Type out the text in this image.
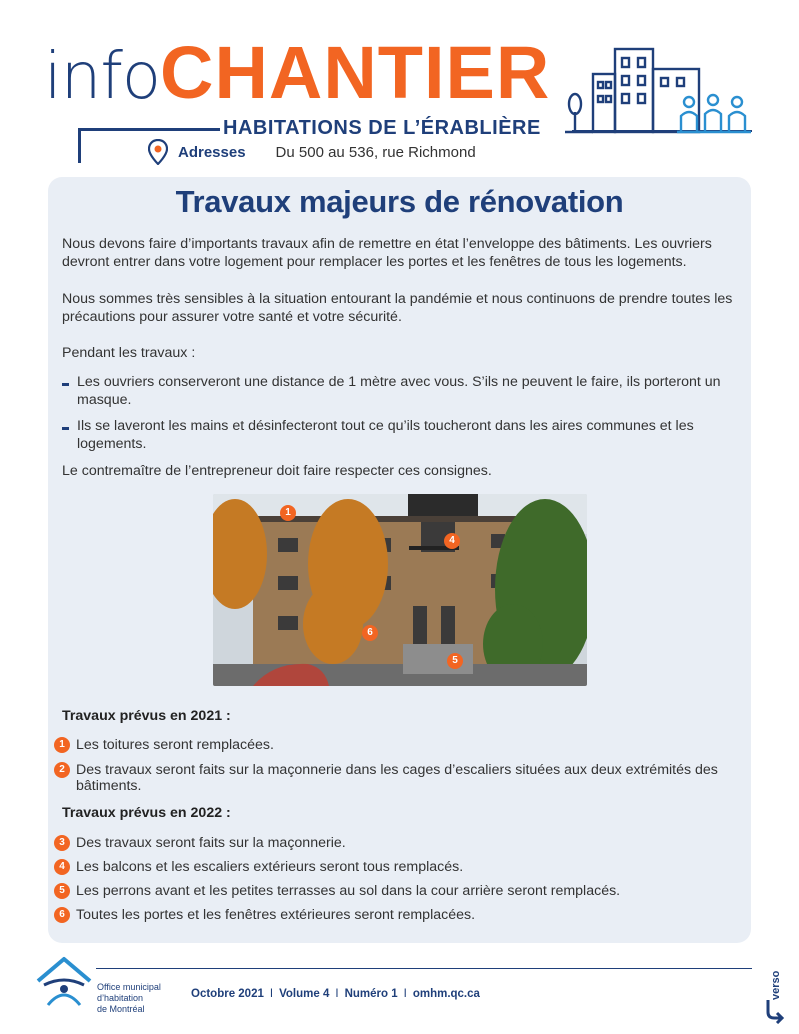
infoCHANTIER
HABITATIONS DE L’ÉRABLIÈRE
Adresses Du 500 au 536, rue Richmond
Travaux majeurs de rénovation

Nous devons faire d’importants travaux afin de remettre en état l’enveloppe des bâtiments. Les ouvriers devront entrer dans votre logement pour remplacer les portes et les fenêtres de tous les logements.

Nous sommes très sensibles à la situation entourant la pandémie et nous continuons de prendre toutes les précautions pour assurer votre santé et votre sécurité.

Pendant les travaux :

Les ouvriers conserveront une distance de 1 mètre avec vous. S’ils ne peuvent le faire, ils porteront un masque.
Ils se laveront les mains et désinfecteront tout ce qu’ils toucheront dans les aires communes et les logements.

Le contremaître de l’entrepreneur doit faire respecter ces consignes.

1
4
6
5
Travaux prévus en 2021 :
1 Les toitures seront remplacées.
2 Des travaux seront faits sur la maçonnerie dans les cages d’escaliers situées aux deux extrémités des bâtiments.
Travaux prévus en 2022 :
3 Des travaux seront faits sur la maçonnerie.
4 Les balcons et les escaliers extérieurs seront tous remplacés.
5 Les perrons avant et les petites terrasses au sol dans la cour arrière seront remplacés.
6 Toutes les portes et les fenêtres extérieures seront remplacées.
Office municipal
d’habitation
de Montréal
Octobre 2021 I Volume 4 I Numéro 1 I omhm.qc.ca	verso
